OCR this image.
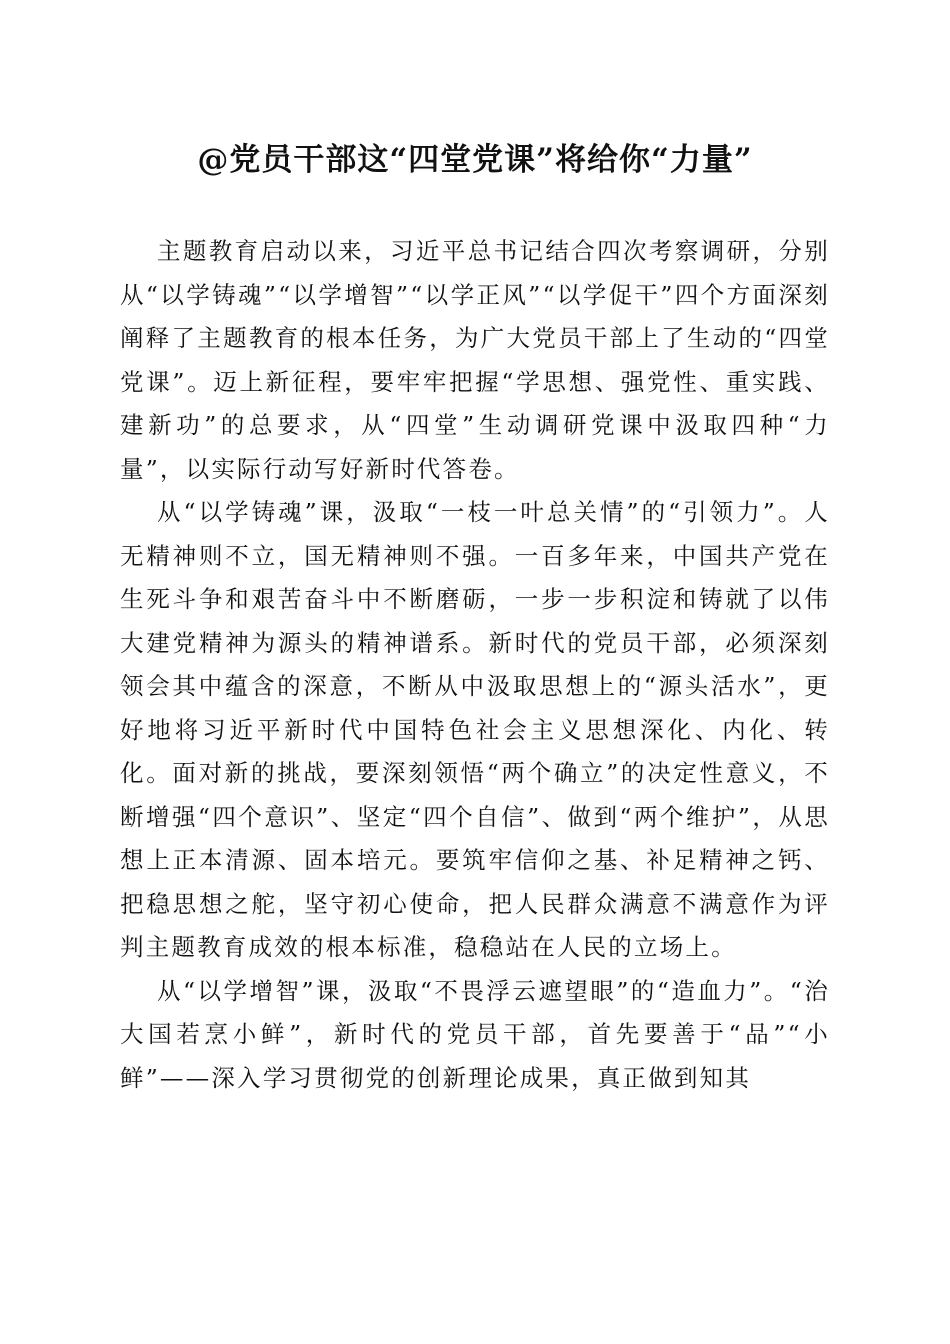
@党员干部这“四堂党课”将给你“力量”

主题教育启动以来，习近平总书记结合四次考察调研，分别从“以学铸魂”“以学增智”“以学正风”“以学促干”四个方面深刻阐释了主题教育的根本任务，为广大党员干部上了生动的“四堂党课”。迈上新征程，要牢牢把握“学思想、强党性、重实践、建新功”的总要求，从“四堂”生动调研党课中汲取四种“力量”，以实际行动写好新时代答卷。

从“以学铸魂”课，汲取“一枝一叶总关情”的“引领力”。人无精神则不立，国无精神则不强。一百多年来，中国共产党在生死斗争和艰苦奋斗中不断磨砺，一步一步积淀和铸就了以伟大建党精神为源头的精神谱系。新时代的党员干部，必须深刻领会其中蕴含的深意，不断从中汲取思想上的“源头活水”，更好地将习近平新时代中国特色社会主义思想深化、内化、转化。面对新的挑战，要深刻领悟“两个确立”的决定性意义，不断增强“四个意识”、坚定“四个自信”、做到“两个维护”，从思想上正本清源、固本培元。要筑牢信仰之基、补足精神之钙、把稳思想之舵，坚守初心使命，把人民群众满意不满意作为评判主题教育成效的根本标准，稳稳站在人民的立场上。

从“以学增智”课，汲取“不畏浮云遮望眼”的“造血力”。“治大国若烹小鲜”，新时代的党员干部，首先要善于“品”“小鲜”——深入学习贯彻党的创新理论成果，真正做到知其
